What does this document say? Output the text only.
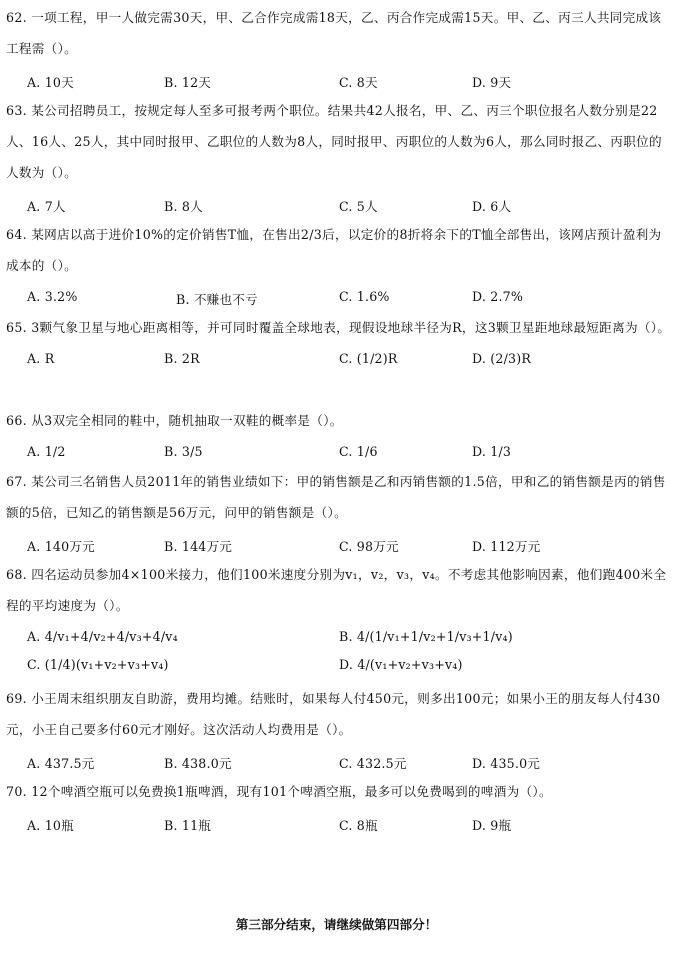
62. 一项工程，甲一人做完需30天，甲、乙合作完成需18天，乙、丙合作完成需15天。甲、乙、丙三人共同完成该工程需（）。
A. 10天	B. 12天	C. 8天	D. 9天
63. 某公司招聘员工，按规定每人至多可报考两个职位。结果共42人报名，甲、乙、丙三个职位报名人数分别是22人、16人、25人，其中同时报甲、乙职位的人数为8人，同时报甲、丙职位的人数为6人，那么同时报乙、丙职位的人数为（）。
A. 7人	B. 8人	C. 5人	D. 6人
64. 某网店以高于进价10%的定价销售T恤，在售出2/3后，以定价的8折将余下的T恤全部售出，该网店预计盈利为成本的（）。
A. 3.2%	B. 不赚也不亏	C. 1.6%	D. 2.7%
65. 3颗气象卫星与地心距离相等，并可同时覆盖全球地表，现假设地球半径为R，这3颗卫星距地球最短距离为（）。
A. R	B. 2R	C. (1/2)R	D. (2/3)R
66. 从3双完全相同的鞋中，随机抽取一双鞋的概率是（）。
A. 1/2	B. 3/5	C. 1/6	D. 1/3
67. 某公司三名销售人员2011年的销售业绩如下：甲的销售额是乙和丙销售额的1.5倍，甲和乙的销售额是丙的销售额的5倍，已知乙的销售额是56万元，问甲的销售额是（）。
A. 140万元	B. 144万元	C. 98万元	D. 112万元
68. 四名运动员参加4×100米接力，他们100米速度分别为v₁，v₂，v₃，v₄。不考虑其他影响因素，他们跑400米全程的平均速度为（）。
A. 4/v₁+4/v₂+4/v₃+4/v₄	B. 4/(1/v₁+1/v₂+1/v₃+1/v₄)
C. (1/4)(v₁+v₂+v₃+v₄)	D. 4/(v₁+v₂+v₃+v₄)
69. 小王周末组织朋友自助游，费用均摊。结账时，如果每人付450元，则多出100元；如果小王的朋友每人付430元，小王自己要多付60元才刚好。这次活动人均费用是（）。
A. 437.5元	B. 438.0元	C. 432.5元	D. 435.0元
70. 12个啤酒空瓶可以免费换1瓶啤酒，现有101个啤酒空瓶，最多可以免费喝到的啤酒为（）。
A. 10瓶	B. 11瓶	C. 8瓶	D. 9瓶
第三部分结束，请继续做第四部分！
